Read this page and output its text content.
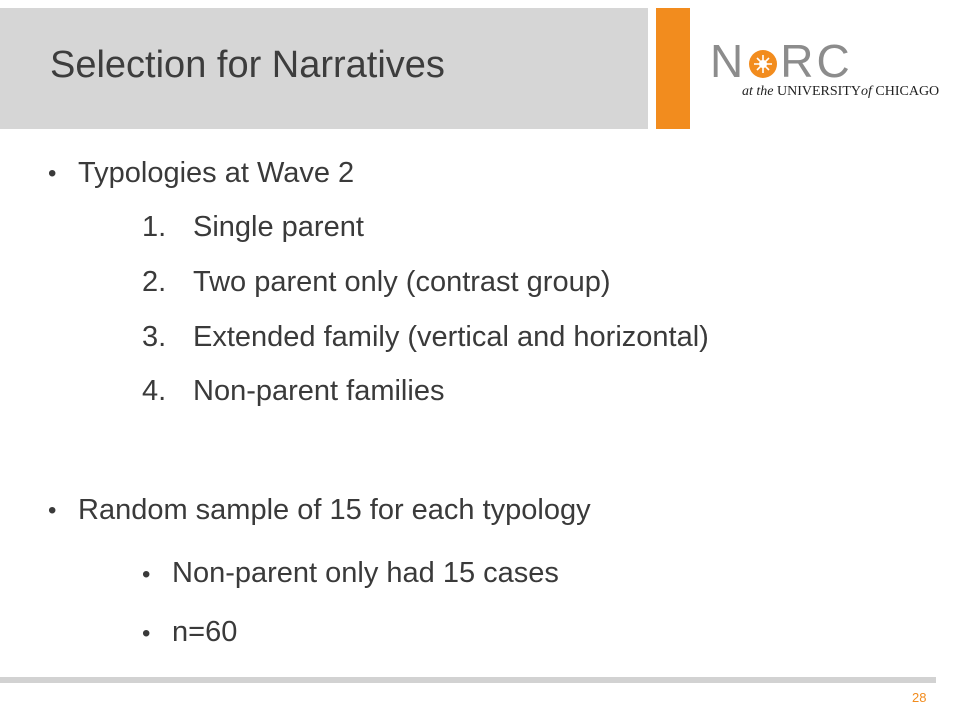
Selection for Narratives	N RC
at the UNIVERSITYof CHICAGO
• Typologies at Wave 2
1. Single parent
2. Two parent only (contrast group)
3. Extended family (vertical and horizontal)
4. Non-parent families
• Random sample of 15 for each typology
• Non-parent only had 15 cases
• n=60
28
